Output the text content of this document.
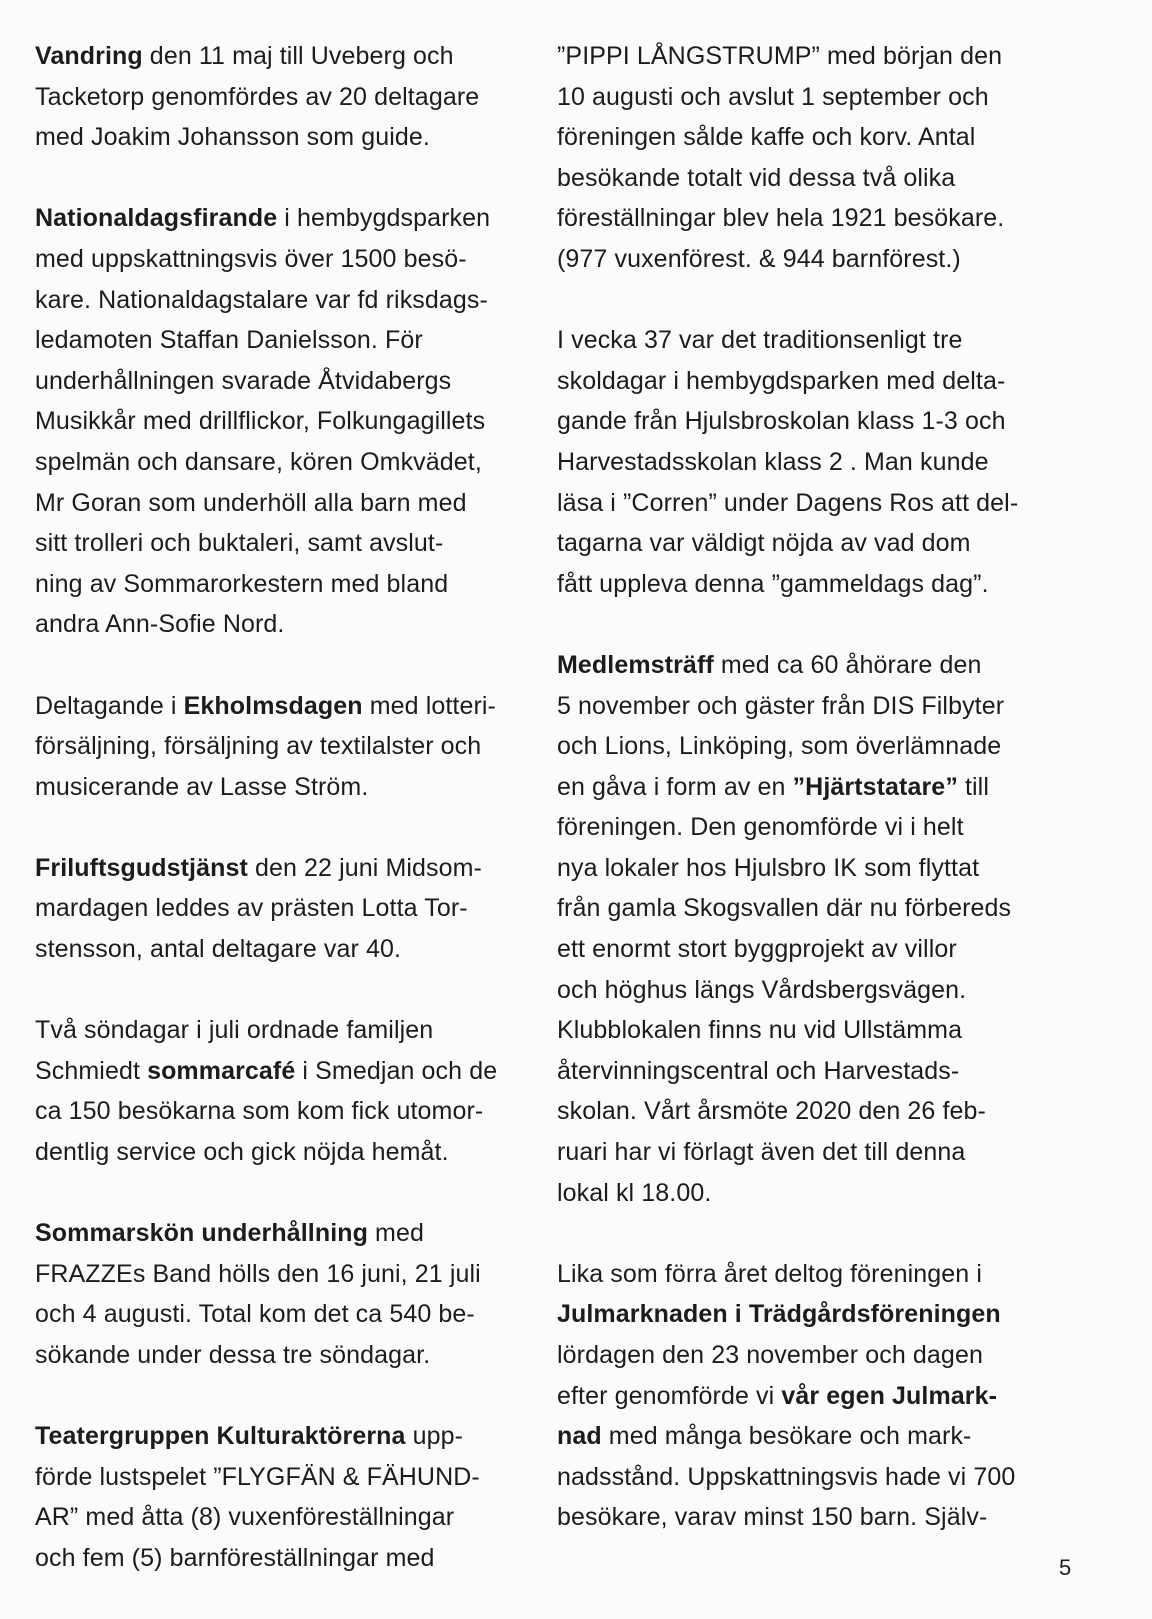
Vandring den 11 maj till Uveberg och
Tacketorp genomfördes av 20 deltagare
med Joakim Johansson som guide.
Nationaldagsfirande i hembygdsparken
med uppskattningsvis över 1500 besö-
kare. Nationaldagstalare var fd riksdags-
ledamoten Staffan Danielsson. För
underhållningen svarade Åtvidabergs
Musikkår med drillflickor, Folkungagillets
spelmän och dansare, kören Omkvädet,
Mr Goran som underhöll alla barn med
sitt trolleri och buktaleri, samt avslut-
ning av Sommarorkestern med bland
andra Ann-Sofie Nord.
Deltagande i Ekholmsdagen med lotteri-
försäljning, försäljning av textilalster och
musicerande av Lasse Ström.
Friluftsgudstjänst den 22 juni Midsom-
mardagen leddes av prästen Lotta Tor-
stensson, antal deltagare var 40.
Två söndagar i juli ordnade familjen
Schmiedt sommarcafé i Smedjan och de
ca 150 besökarna som kom fick utomor-
dentlig service och gick nöjda hemåt.
Sommarskön underhållning med
FRAZZEs Band hölls den 16 juni, 21 juli
och 4 augusti. Total kom det ca 540 be-
sökande under dessa tre söndagar.
Teatergruppen Kulturaktörerna upp-
förde lustspelet ”FLYGFÄN & FÄHUND-
AR” med åtta (8) vuxenföreställningar
och fem (5) barnföreställningar med
”PIPPI LÅNGSTRUMP” med början den
10 augusti och avslut 1 september och
föreningen sålde kaffe och korv. Antal
besökande totalt vid dessa två olika
föreställningar blev hela 1921 besökare.
(977 vuxenförest. & 944 barnförest.)
I vecka 37 var det traditionsenligt tre
skoldagar i hembygdsparken med delta-
gande från Hjulsbroskolan klass 1-3 och
Harvestadsskolan klass 2 . Man kunde
läsa i ”Corren” under Dagens Ros att del-
tagarna var väldigt nöjda av vad dom
fått uppleva denna ”gammeldags dag”.
Medlemsträff med ca 60 åhörare den
5 november och gäster från DIS Filbyter
och Lions, Linköping, som överlämnade
en gåva i form av en ”Hjärtstatare” till
föreningen. Den genomförde vi i helt
nya lokaler hos Hjulsbro IK som flyttat
från gamla Skogsvallen där nu förbereds
ett enormt stort byggprojekt av villor
och höghus längs Vårdsbergsvägen.
Klubblokalen finns nu vid Ullstämma
återvinningscentral och Harvestads-
skolan. Vårt årsmöte 2020 den 26 feb-
ruari har vi förlagt även det till denna
lokal kl 18.00.
Lika som förra året deltog föreningen i
Julmarknaden i Trädgårdsföreningen
lördagen den 23 november och dagen
efter genomförde vi vår egen Julmark-
nad med många besökare och mark-
nadsstånd. Uppskattningsvis hade vi 700
besökare, varav minst 150 barn. Själv-
5
